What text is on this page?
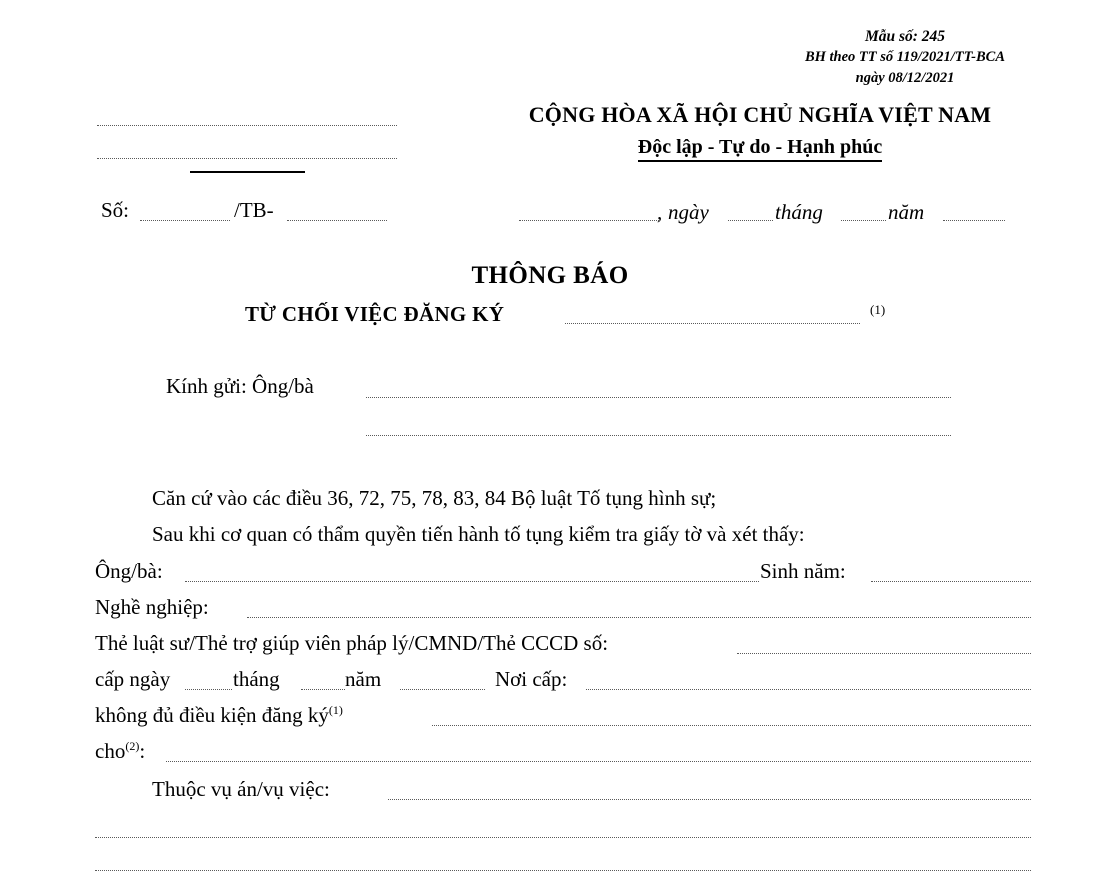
Mẫu số: 245
BH theo TT số 119/2021/TT-BCA
ngày 08/12/2021
CỘNG HÒA XÃ HỘI CHỦ NGHĨA VIỆT NAM
Độc lập - Tự do - Hạnh phúc
Số:	/TB-	, ngày	tháng	năm
THÔNG BÁO
TỪ CHỐI VIỆC ĐĂNG KÝ	(1)
Kính gửi: Ông/bà
Căn cứ vào các điều 36, 72, 75, 78, 83, 84 Bộ luật Tố tụng hình sự;
Sau khi cơ quan có thẩm quyền tiến hành tố tụng kiểm tra giấy tờ và xét thấy:
Ông/bà:	Sinh năm:
Nghề nghiệp:
Thẻ luật sư/Thẻ trợ giúp viên pháp lý/CMND/Thẻ CCCD số:
cấp ngày	tháng	năm	Nơi cấp:
không đủ điều kiện đăng $ký^{(1)}$
cho$^{(2)}$:
Thuộc vụ án/vụ việc:
